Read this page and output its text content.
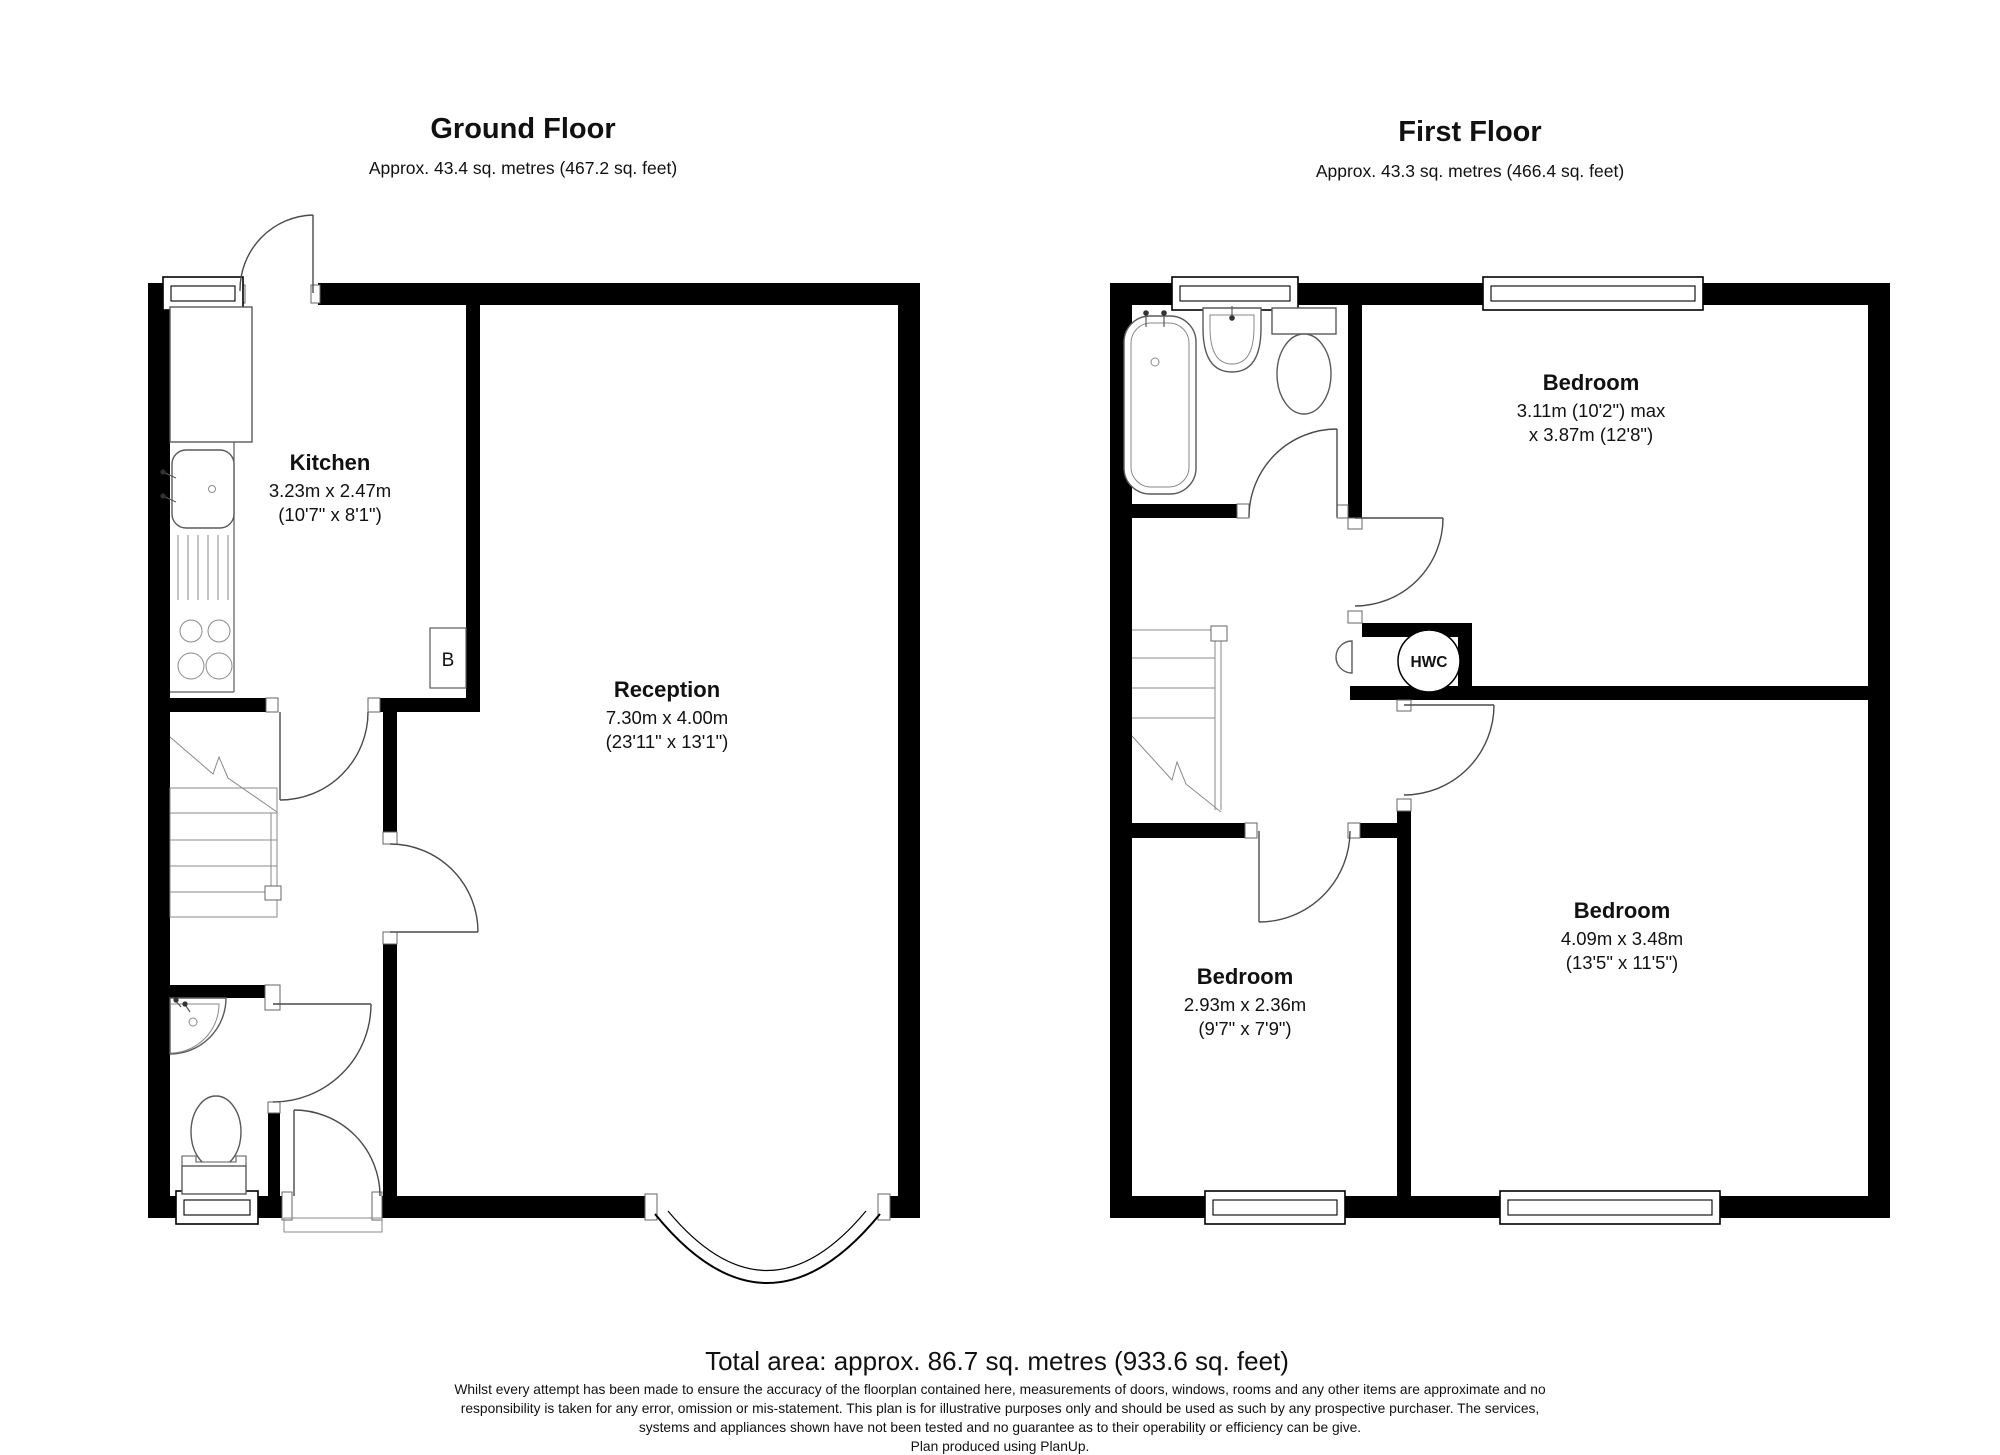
B
Ground Floor
Approx. 43.4 sq. metres (467.2 sq. feet)
Kitchen
3.23m x 2.47m
(10'7" x 8'1")
Reception
7.30m x 4.00m
(23'11" x 13'1")
HWC
First Floor
Approx. 43.3 sq. metres (466.4 sq. feet)
Bedroom
3.11m (10'2") max
x 3.87m (12'8")
Bedroom
2.93m x 2.36m
(9'7" x 7'9")
Bedroom
4.09m x 3.48m
(13'5" x 11'5")
Total area: approx. 86.7 sq. metres (933.6 sq. feet)
Whilst every attempt has been made to ensure the accuracy of the floorplan contained here, measurements of doors, windows, rooms and any other items are approximate and no
responsibility is taken for any error, omission or mis-statement. This plan is for illustrative purposes only and should be used as such by any prospective purchaser. The services,
systems and appliances shown have not been tested and no guarantee as to their operability or efficiency can be give.
Plan produced using PlanUp.
